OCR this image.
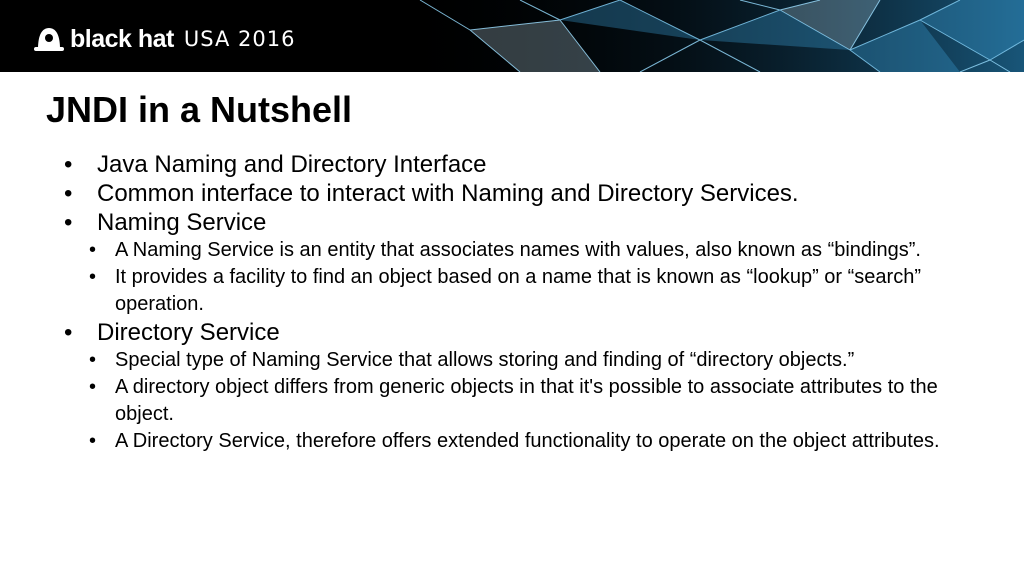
black hat USA 2016
JNDI in a Nutshell
• Java Naming and Directory Interface
• Common interface to interact with Naming and Directory Services.
• Naming Service
• A Naming Service is an entity that associates names with values, also known as “bindings”.
• It provides a facility to find an object based on a name that is known as “lookup” or “search” operation.
• Directory Service
• Special type of Naming Service that allows storing and finding of “directory objects.”
• A directory object differs from generic objects in that it's possible to associate attributes to the object.
• A Directory Service, therefore offers extended functionality to operate on the object attributes.
